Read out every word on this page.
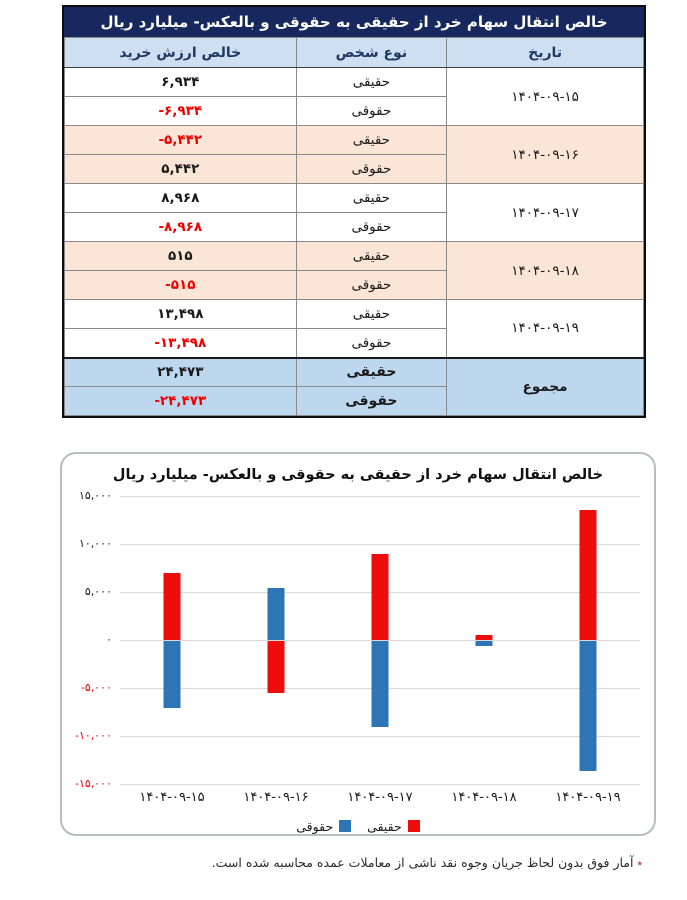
خالص انتقال سهام خرد از حقیقی به حقوقی و بالعکس- میلیارد ریال
تاریخ	نوع شخص	خالص ارزش خرید
۱۴۰۴-۰۹-۱۵	حقیقی	۶,۹۳۴
	حقوقی	-۶,۹۳۴
۱۴۰۴-۰۹-۱۶	حقیقی	-۵,۴۴۲
	حقوقی	۵,۴۴۲
۱۴۰۴-۰۹-۱۷	حقیقی	۸,۹۶۸
	حقوقی	-۸,۹۶۸
۱۴۰۴-۰۹-۱۸	حقیقی	۵۱۵
	حقوقی	-۵۱۵
۱۴۰۴-۰۹-۱۹	حقیقی	۱۳,۴۹۸
	حقوقی	-۱۳,۴۹۸
مجموع	حقیقی	۲۴,۴۷۳
	حقوقی	-۲۴,۴۷۳
خالص انتقال سهام خرد از حقیقی به حقوقی و بالعکس- میلیارد ریال
۱۵,۰۰۰
۱۰,۰۰۰
۵,۰۰۰
۰
-۵,۰۰۰
-۱۰,۰۰۰
-۱۵,۰۰۰
۱۴۰۴-۰۹-۱۵	۱۴۰۴-۰۹-۱۶	۱۴۰۴-۰۹-۱۷	۱۴۰۴-۰۹-۱۸	۱۴۰۴-۰۹-۱۹
حقیقی
حقوقی
٭آمار فوق بدون لحاظ جریان وجوه نقد ناشی از معاملات عمده محاسبه شده است.
